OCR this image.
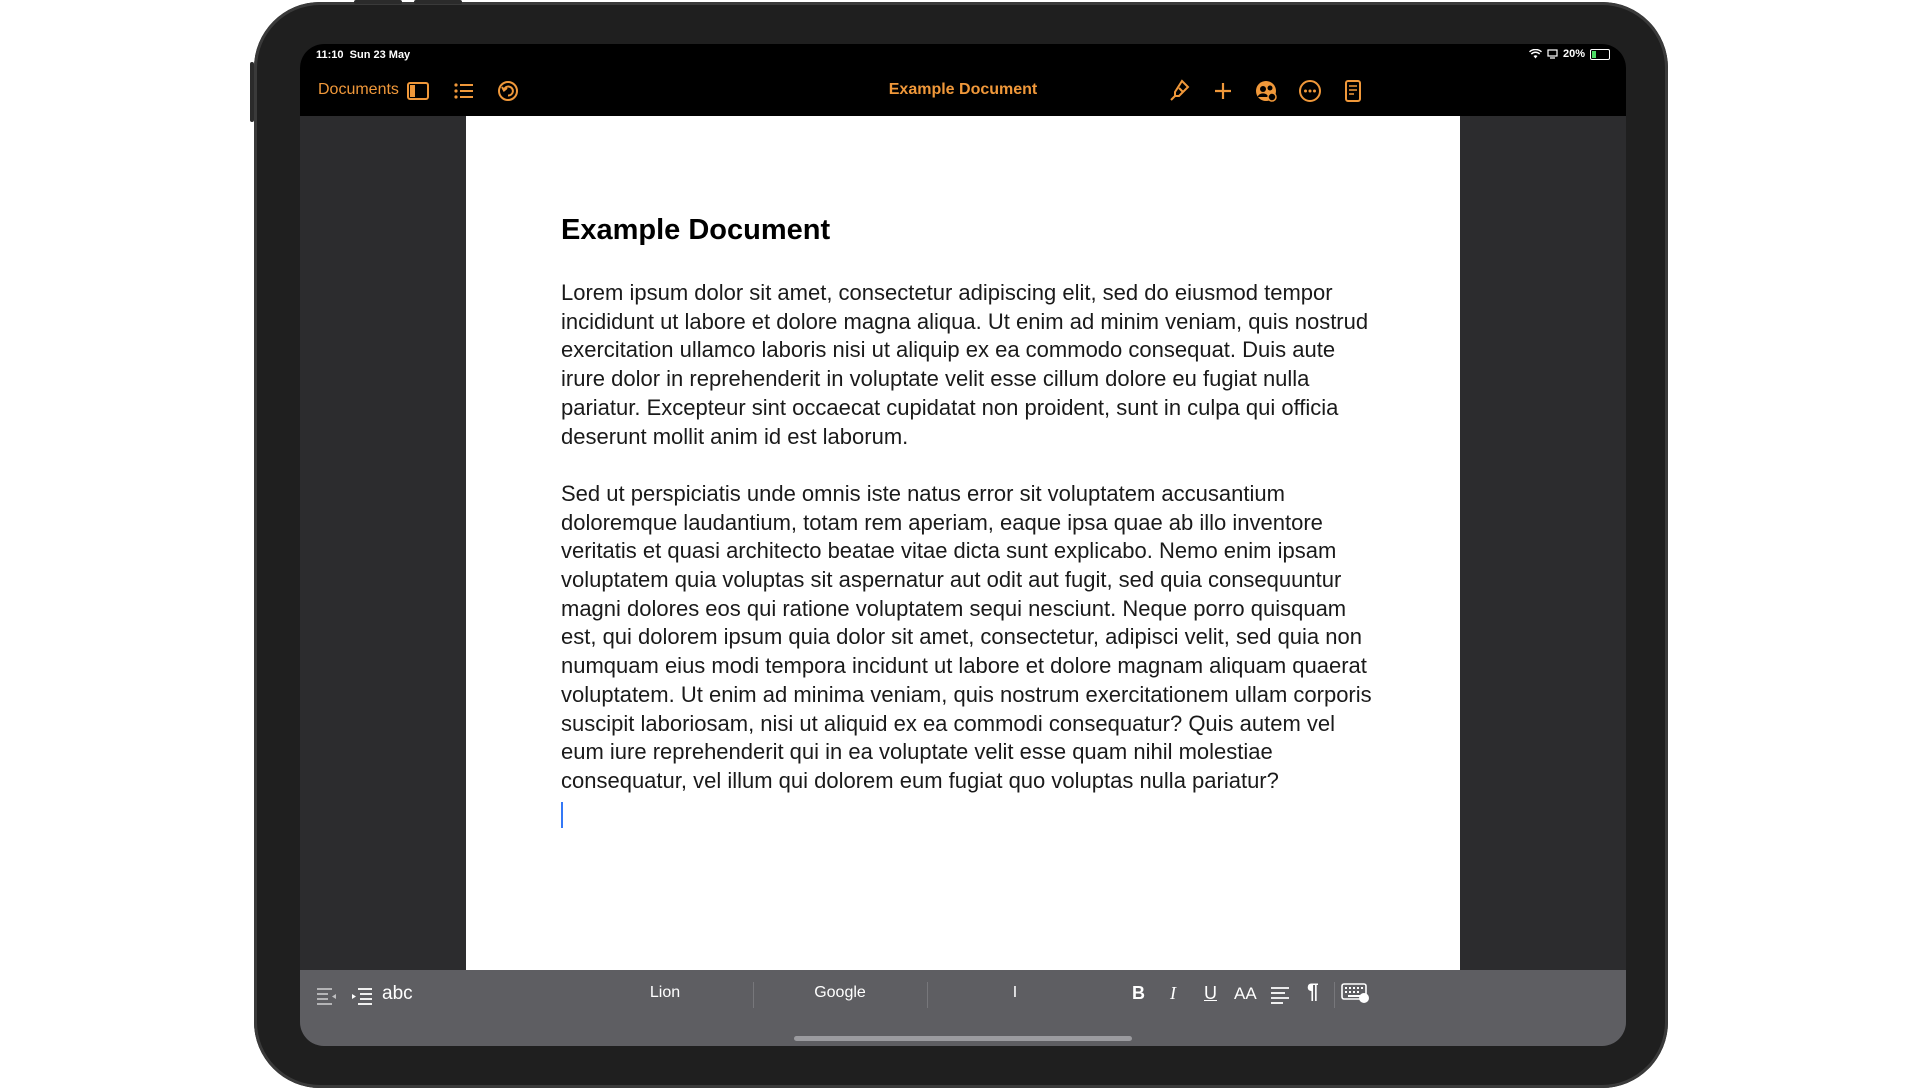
11:10 Sun 23 May	20%
Documents	Example Document
Example Document

Lorem ipsum dolor sit amet, consectetur adipiscing elit, sed do eiusmod tempor incididunt ut labore et dolore magna aliqua. Ut enim ad minim veniam, quis nostrud exercitation ullamco laboris nisi ut aliquip ex ea commodo consequat. Duis aute irure dolor in reprehenderit in voluptate velit esse cillum dolore eu fugiat nulla pariatur. Excepteur sint occaecat cupidatat non proident, sunt in culpa qui officia deserunt mollit anim id est laborum.

Sed ut perspiciatis unde omnis iste natus error sit voluptatem accusantium doloremque laudantium, totam rem aperiam, eaque ipsa quae ab illo inventore veritatis et quasi architecto beatae vitae dicta sunt explicabo. Nemo enim ipsam voluptatem quia voluptas sit aspernatur aut odit aut fugit, sed quia consequuntur magni dolores eos qui ratione voluptatem sequi nesciunt. Neque porro quisquam est, qui dolorem ipsum quia dolor sit amet, consectetur, adipisci velit, sed quia non numquam eius modi tempora incidunt ut labore et dolore magnam aliquam quaerat voluptatem. Ut enim ad minima veniam, quis nostrum exercitationem ullam corporis suscipit laboriosam, nisi ut aliquid ex ea commodi consequatur? Quis autem vel eum iure reprehenderit qui in ea voluptate velit esse quam nihil molestiae consequatur, vel illum qui dolorem eum fugiat quo voluptas nulla pariatur?

abc	Lion	Google	I	B I U AA ¶
